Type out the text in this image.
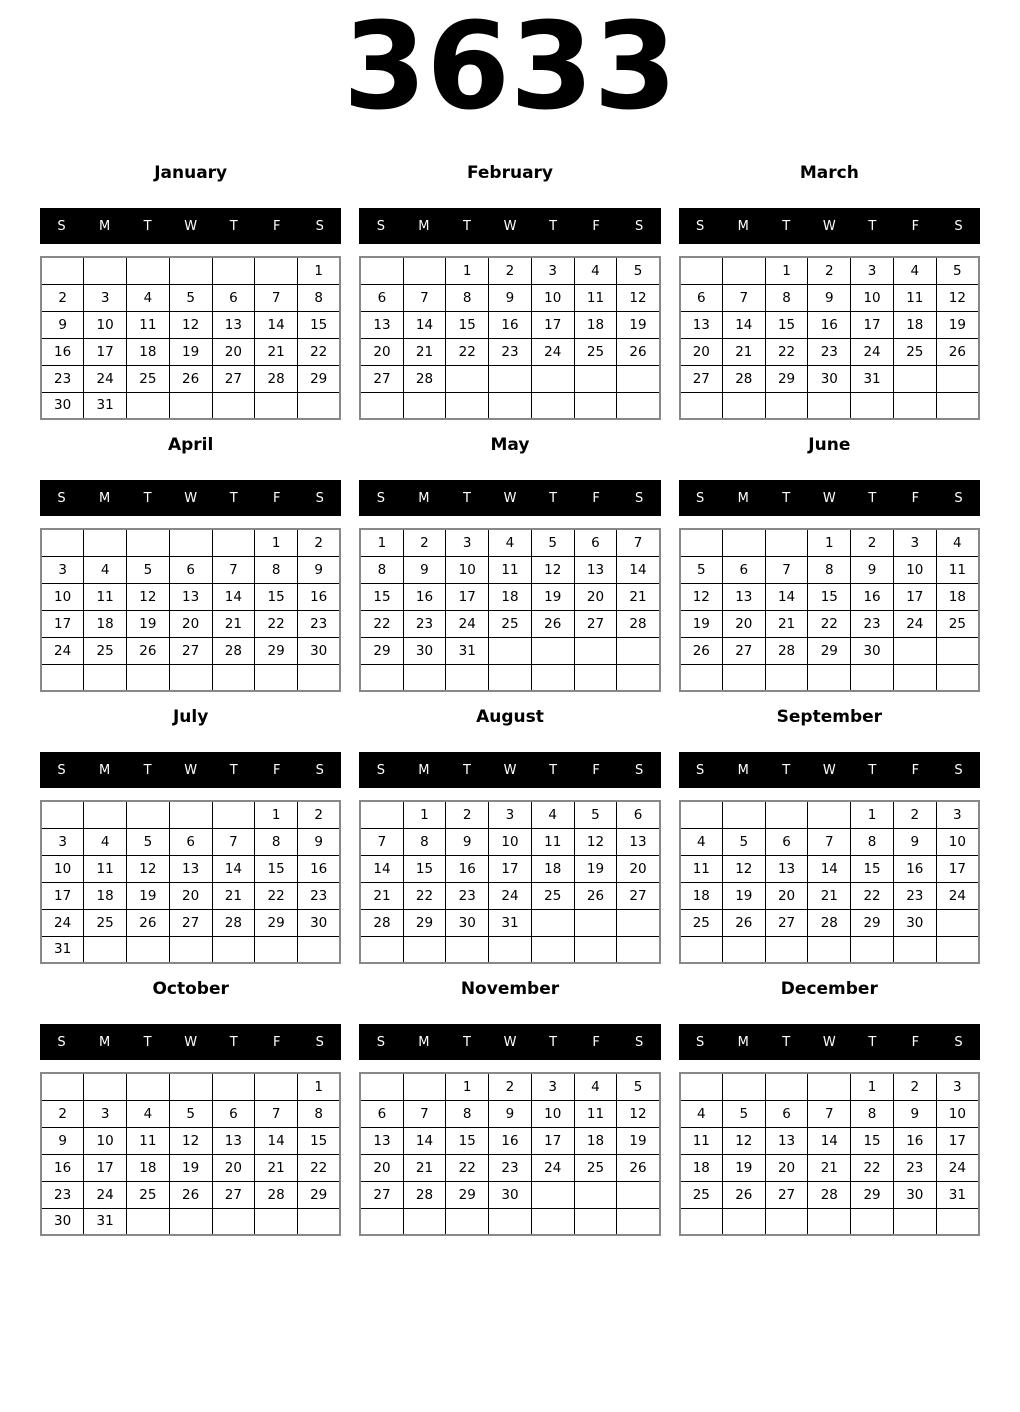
3633
January
S	M	T	W	T	F	S
						1
2	3	4	5	6	7	8
9	10	11	12	13	14	15
16	17	18	19	20	21	22
23	24	25	26	27	28	29
30	31					
February
S	M	T	W	T	F	S
		1	2	3	4	5
6	7	8	9	10	11	12
13	14	15	16	17	18	19
20	21	22	23	24	25	26
27	28					

March
S	M	T	W	T	F	S
		1	2	3	4	5
6	7	8	9	10	11	12
13	14	15	16	17	18	19
20	21	22	23	24	25	26
27	28	29	30	31		

April
S	M	T	W	T	F	S
					1	2
3	4	5	6	7	8	9
10	11	12	13	14	15	16
17	18	19	20	21	22	23
24	25	26	27	28	29	30

May
S	M	T	W	T	F	S
1	2	3	4	5	6	7
8	9	10	11	12	13	14
15	16	17	18	19	20	21
22	23	24	25	26	27	28
29	30	31				

June
S	M	T	W	T	F	S
			1	2	3	4
5	6	7	8	9	10	11
12	13	14	15	16	17	18
19	20	21	22	23	24	25
26	27	28	29	30		

July
S	M	T	W	T	F	S
					1	2
3	4	5	6	7	8	9
10	11	12	13	14	15	16
17	18	19	20	21	22	23
24	25	26	27	28	29	30
31						
August
S	M	T	W	T	F	S
	1	2	3	4	5	6
7	8	9	10	11	12	13
14	15	16	17	18	19	20
21	22	23	24	25	26	27
28	29	30	31			

September
S	M	T	W	T	F	S
				1	2	3
4	5	6	7	8	9	10
11	12	13	14	15	16	17
18	19	20	21	22	23	24
25	26	27	28	29	30	

October
S	M	T	W	T	F	S
						1
2	3	4	5	6	7	8
9	10	11	12	13	14	15
16	17	18	19	20	21	22
23	24	25	26	27	28	29
30	31					
November
S	M	T	W	T	F	S
		1	2	3	4	5
6	7	8	9	10	11	12
13	14	15	16	17	18	19
20	21	22	23	24	25	26
27	28	29	30			

December
S	M	T	W	T	F	S
				1	2	3
4	5	6	7	8	9	10
11	12	13	14	15	16	17
18	19	20	21	22	23	24
25	26	27	28	29	30	31
